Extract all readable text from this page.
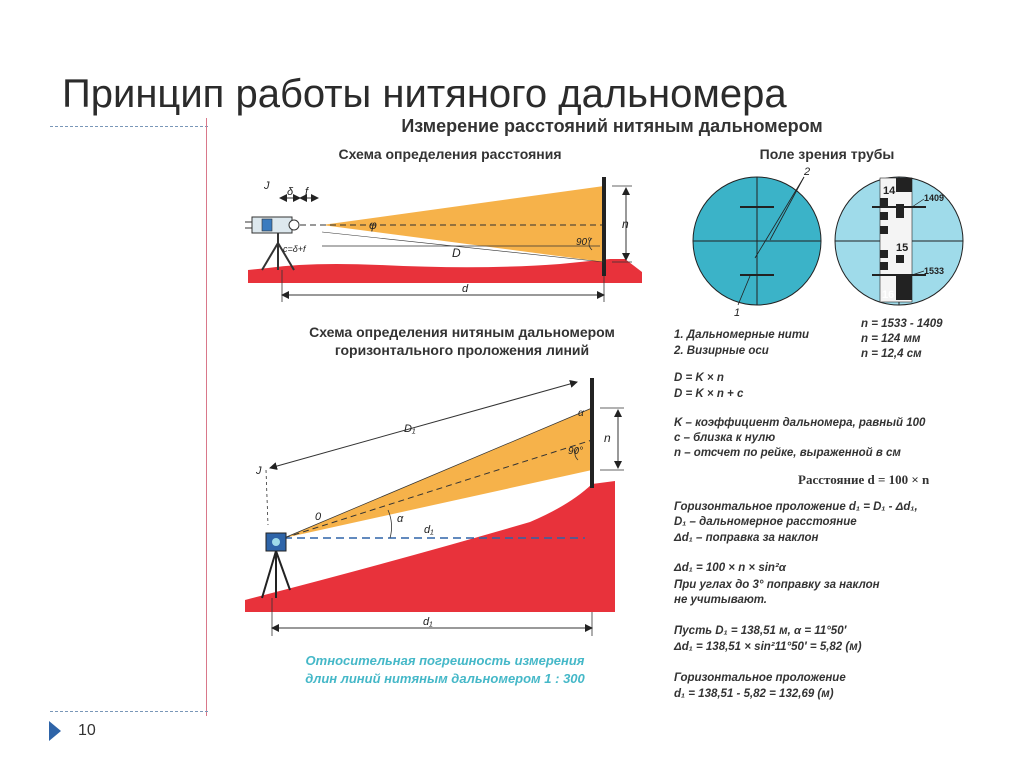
Принцип работы нитяного дальномера
10
Измерение расстояний нитяным дальномером
Схема определения расстояния	Поле зрения трубы
J δ f
c=δ+f
φ
D
d
n
90°
2
1
14
15
16
1409
1533
n = 1533 - 1409
n = 124 мм
n = 12,4 см
1. Дальномерные нити
2. Визирные оси
D = K × n
D = K × n + c
K – коэффициент дальномера, равный 100
c – близка к нулю
n – отсчет по рейке, выраженной в см
Расстояние d = 100 × n
Горизонтальное проложение d₁ = D₁ - Δd₁,
D₁ – дальномерное расстояние
Δd₁ – поправка за наклон
Δd₁ = 100 × n × sin²α
При углах до 3° поправку за наклон
не учитывают.
Пусть D₁ = 138,51 м, α = 11°50′
Δd₁ = 138,51 × sin²11°50′ = 5,82 (м)
Горизонтальное проложение
d₁ = 138,51 - 5,82 = 132,69 (м)
Схема определения нитяным дальномером
горизонтального проложения линий
J
0	α
α
D₁
d₁
d₁
n
90°
Относительная погрешность измерения
длин линий нитяным дальномером 1 : 300
